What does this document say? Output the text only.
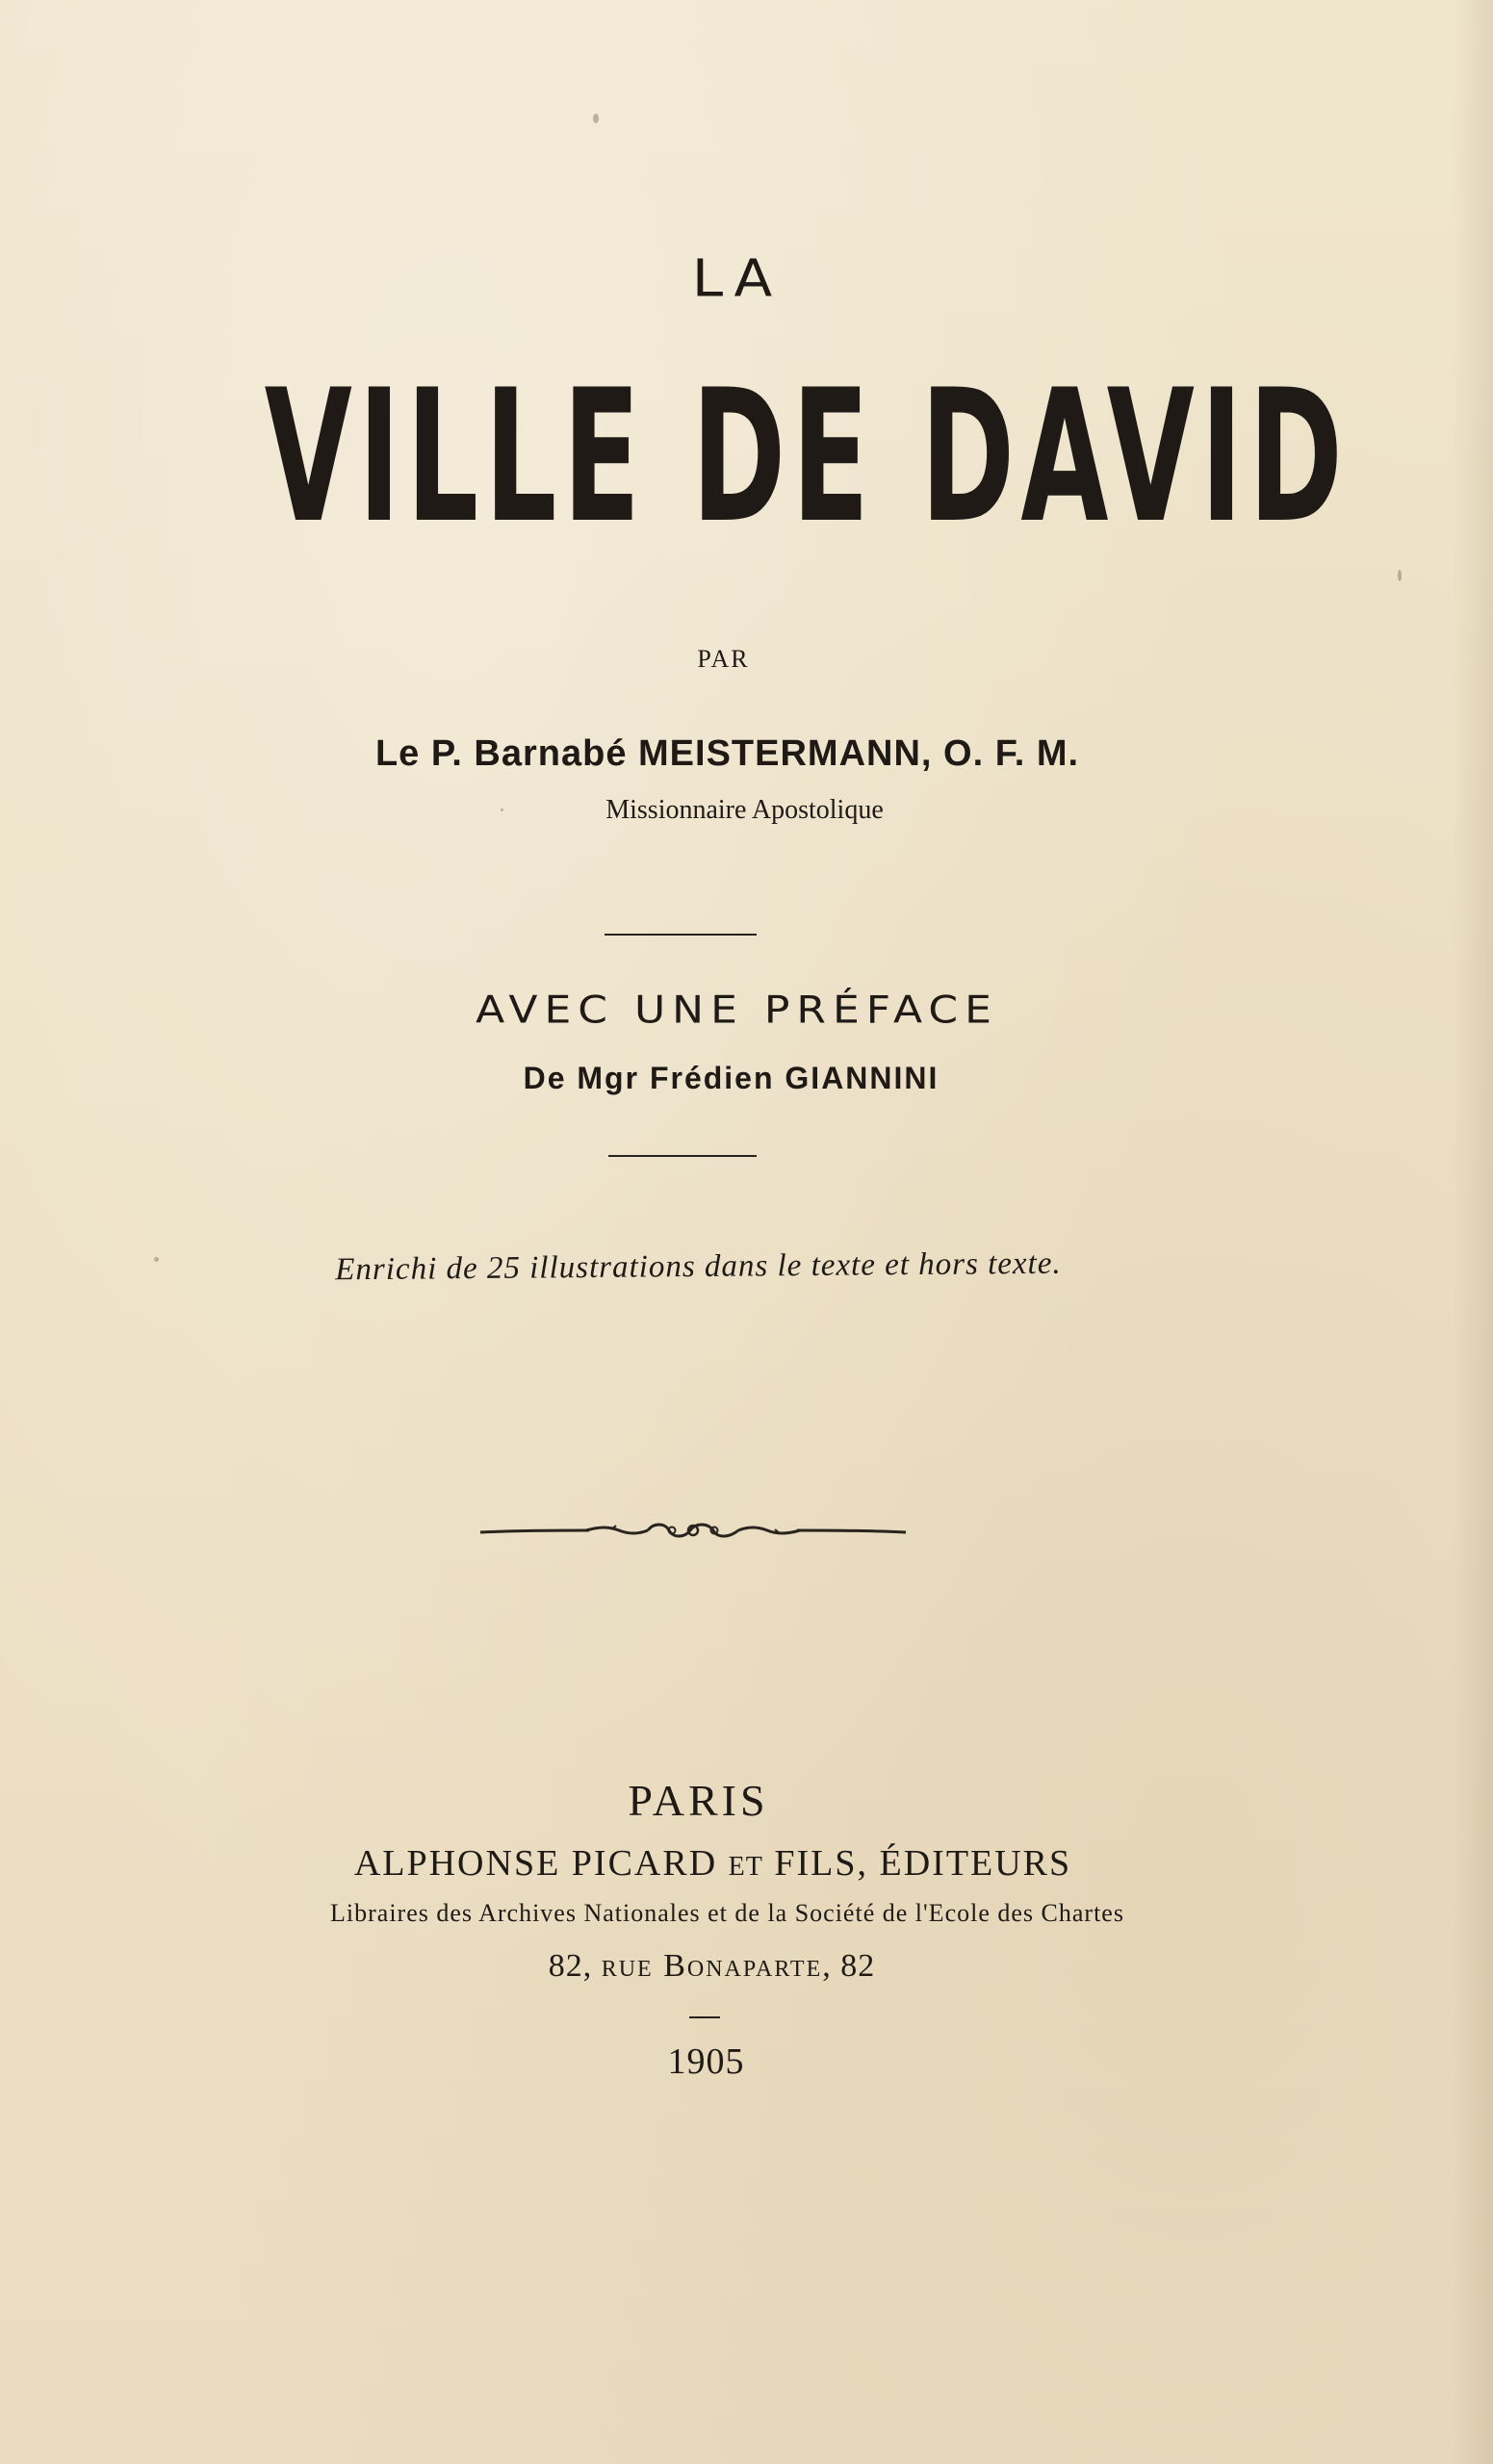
LA
VILLE DE DAVID
PAR
Le P. Barnabé MEISTERMANN, O. F. M.
Missionnaire Apostolique
AVEC UNE PRÉFACE
De Mgr Frédien GIANNINI
Enrichi de 25 illustrations dans le texte et hors texte.
PARIS
ALPHONSE PICARD ET FILS, ÉDITEURS
Libraires des Archives Nationales et de la Société de l'Ecole des Chartes
82, rue Bonaparte, 82
1905
